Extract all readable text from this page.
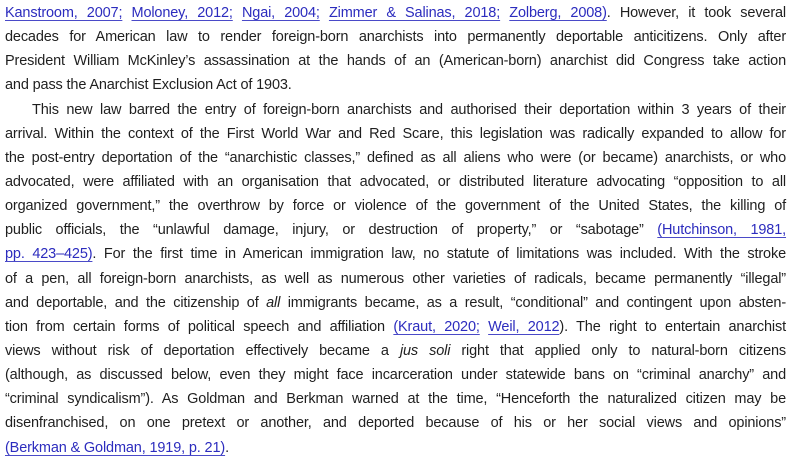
Kanstroom, 2007; Moloney, 2012; Ngai, 2004; Zimmer & Salinas, 2018; Zolberg, 2008). However, it took several
decades for American law to render foreign-born anarchists into permanently deportable anticitizens. Only after
President William McKinley’s assassination at the hands of an (American-born) anarchist did Congress take action
and pass the Anarchist Exclusion Act of 1903.
This new law barred the entry of foreign-born anarchists and authorised their deportation within 3 years of their
arrival. Within the context of the First World War and Red Scare, this legislation was radically expanded to allow for
the post-entry deportation of the “anarchistic classes,” defined as all aliens who were (or became) anarchists, or who
advocated, were affiliated with an organisation that advocated, or distributed literature advocating “opposition to all
organized government,” the overthrow by force or violence of the government of the United States, the killing of
public officials, the “unlawful damage, injury, or destruction of property,” or “sabotage” (Hutchinson, 1981,
pp. 423–425). For the first time in American immigration law, no statute of limitations was included. With the stroke
of a pen, all foreign-born anarchists, as well as numerous other varieties of radicals, became permanently “illegal”
and deportable, and the citizenship of all immigrants became, as a result, “conditional” and contingent upon absten-
tion from certain forms of political speech and affiliation (Kraut, 2020; Weil, 2012). The right to entertain anarchist
views without risk of deportation effectively became a jus soli right that applied only to natural-born citizens
(although, as discussed below, even they might face incarceration under statewide bans on “criminal anarchy” and
“criminal syndicalism”). As Goldman and Berkman warned at the time, “Henceforth the naturalized citizen may be
disenfranchised, on one pretext or another, and deported because of his or her social views and opinions”
(Berkman & Goldman, 1919, p. 21).
